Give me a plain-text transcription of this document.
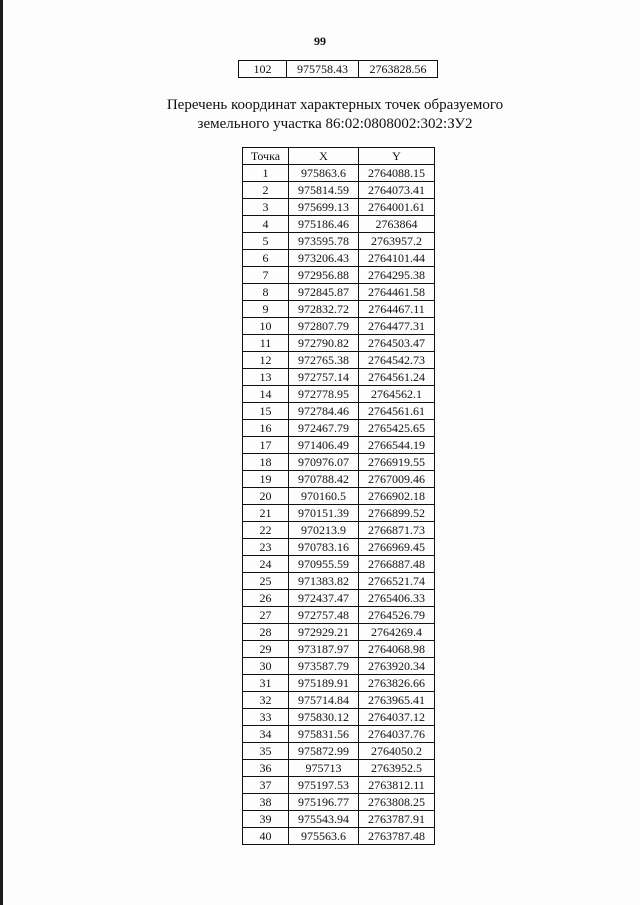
99
102	975758.43	2763828.56
Перечень координат характерных точек образуемого
земельного участка 86:02:0808002:302:ЗУ2
Точка	X	Y
1	975863.6	2764088.15
2	975814.59	2764073.41
3	975699.13	2764001.61
4	975186.46	2763864
5	973595.78	2763957.2
6	973206.43	2764101.44
7	972956.88	2764295.38
8	972845.87	2764461.58
9	972832.72	2764467.11
10	972807.79	2764477.31
11	972790.82	2764503.47
12	972765.38	2764542.73
13	972757.14	2764561.24
14	972778.95	2764562.1
15	972784.46	2764561.61
16	972467.79	2765425.65
17	971406.49	2766544.19
18	970976.07	2766919.55
19	970788.42	2767009.46
20	970160.5	2766902.18
21	970151.39	2766899.52
22	970213.9	2766871.73
23	970783.16	2766969.45
24	970955.59	2766887.48
25	971383.82	2766521.74
26	972437.47	2765406.33
27	972757.48	2764526.79
28	972929.21	2764269.4
29	973187.97	2764068.98
30	973587.79	2763920.34
31	975189.91	2763826.66
32	975714.84	2763965.41
33	975830.12	2764037.12
34	975831.56	2764037.76
35	975872.99	2764050.2
36	975713	2763952.5
37	975197.53	2763812.11
38	975196.77	2763808.25
39	975543.94	2763787.91
40	975563.6	2763787.48
